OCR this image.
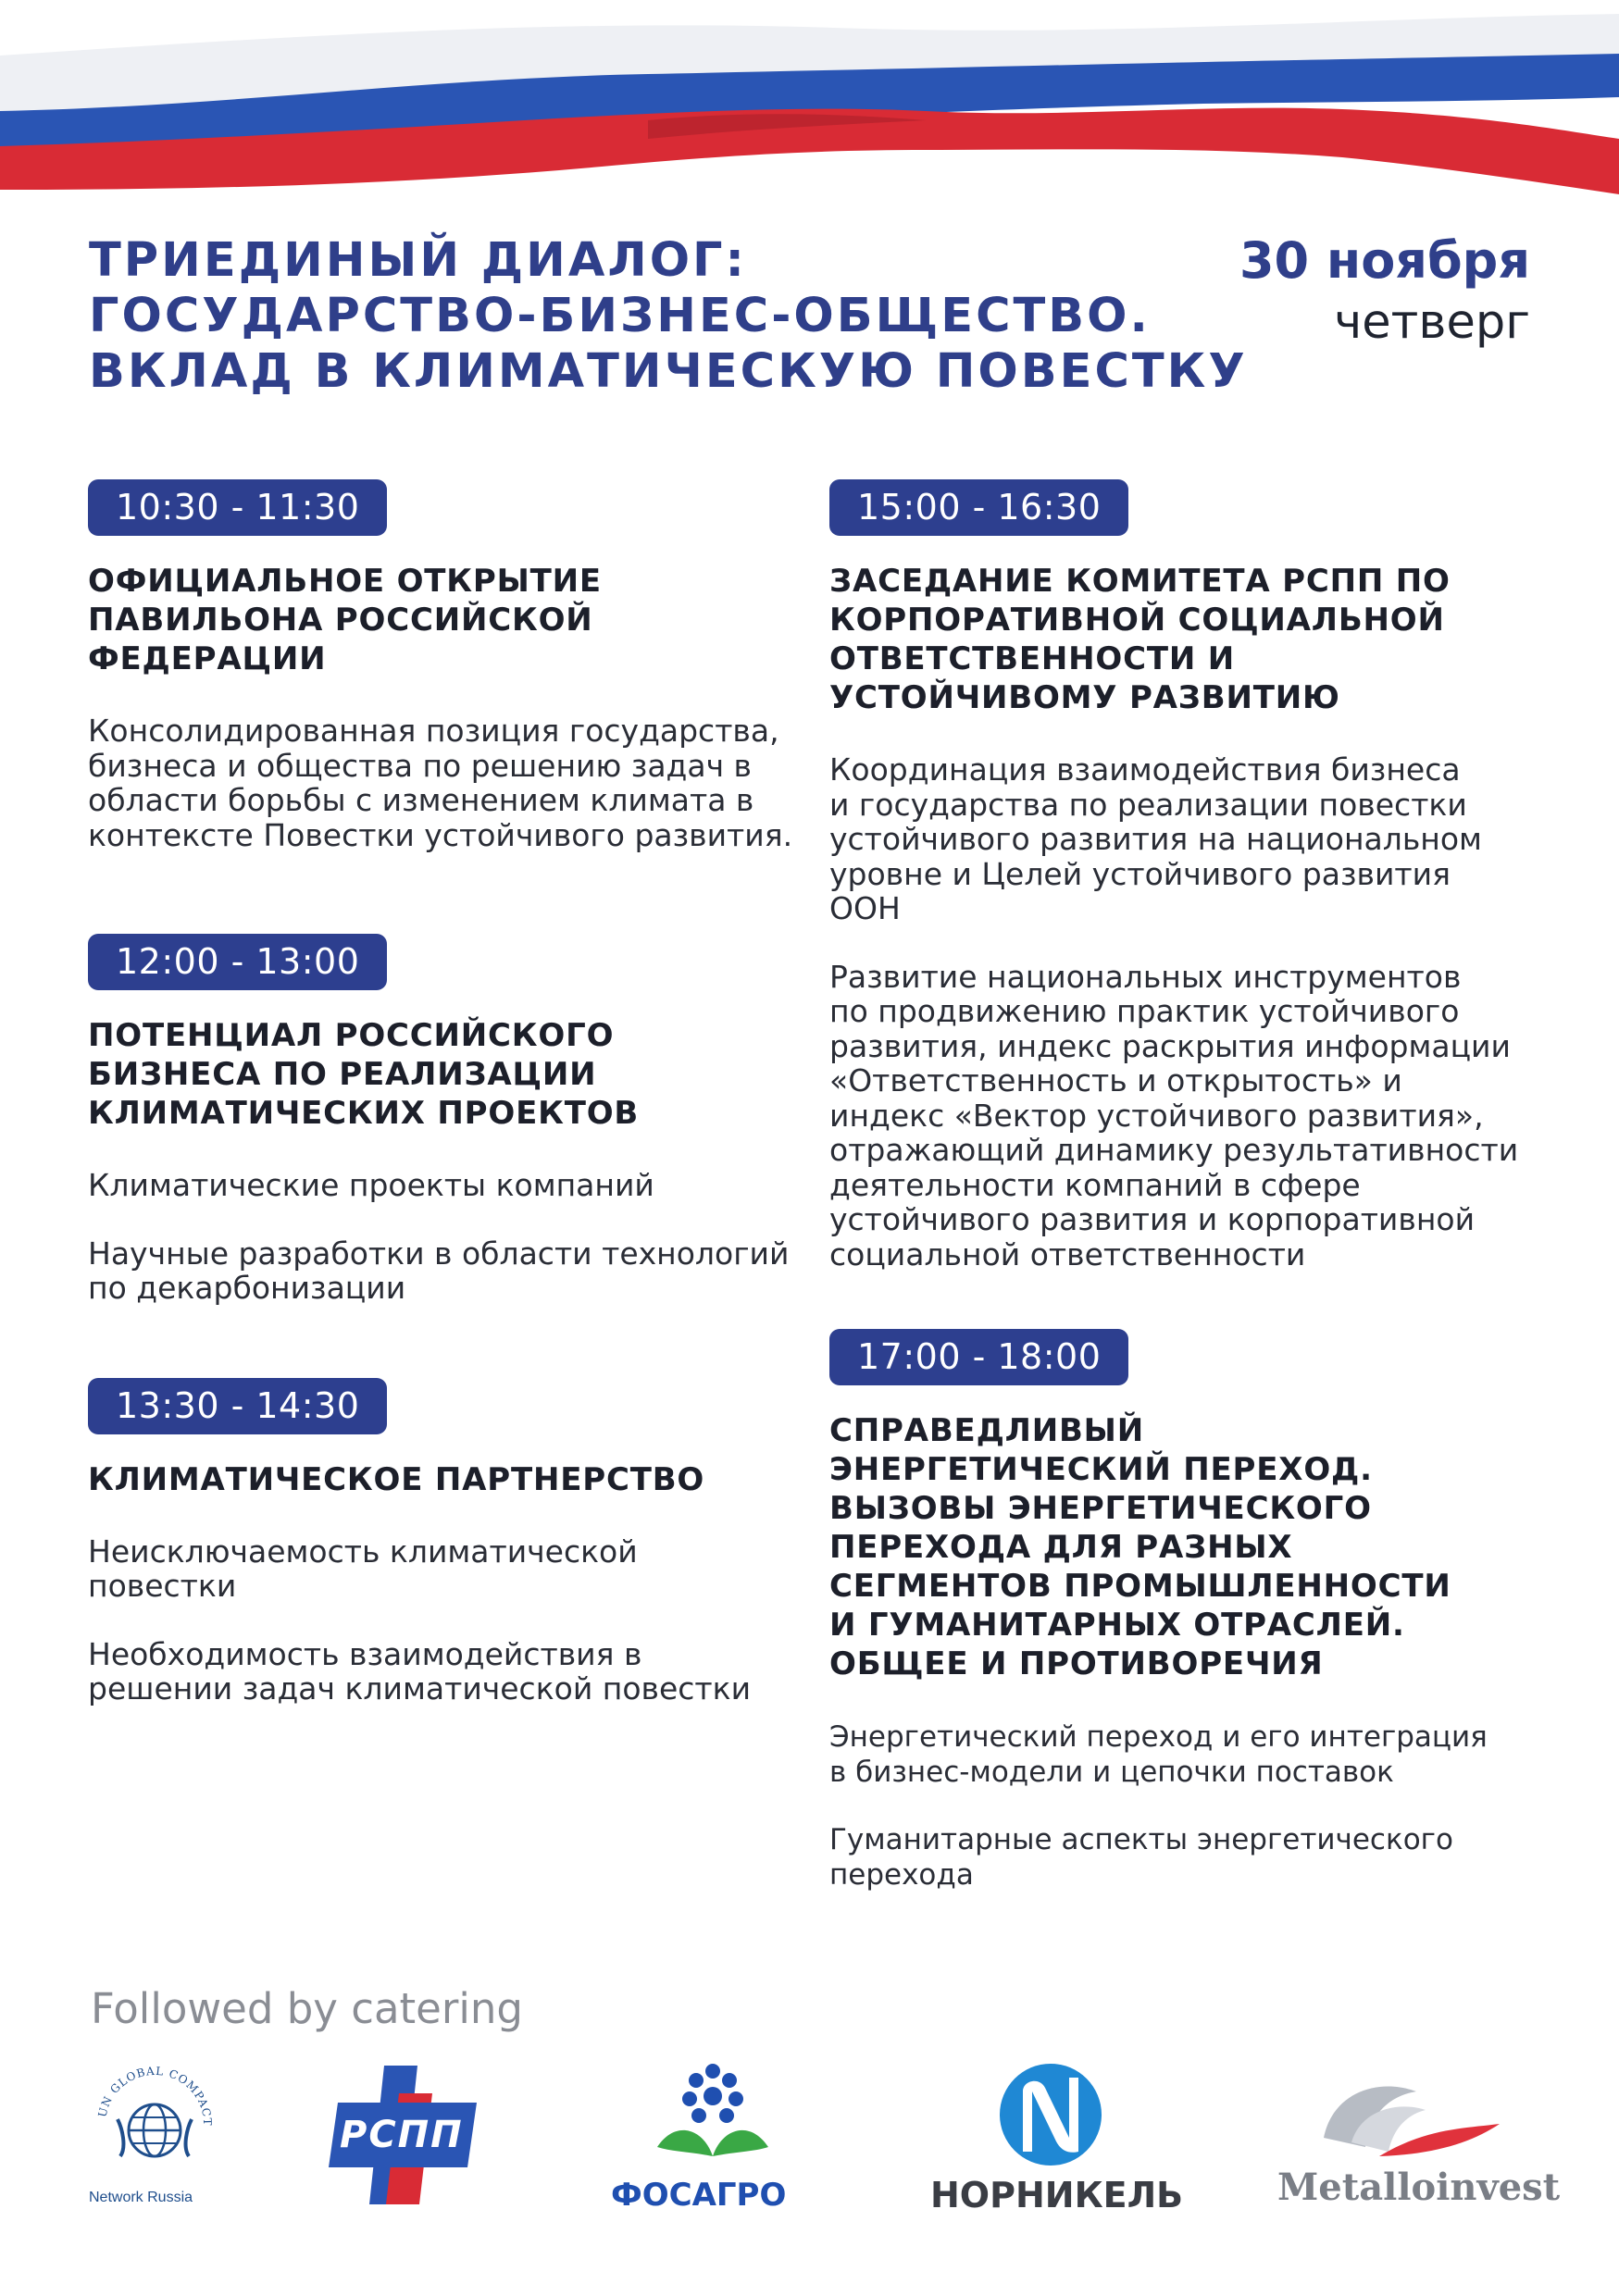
ТРИЕДИНЫЙ ДИАЛОГ:
ГОСУДАРСТВО-БИЗНЕС-ОБЩЕСТВО.
ВКЛАД В КЛИМАТИЧЕСКУЮ ПОВЕСТКУ
30 ноября
четверг
10:30 - 11:30
ОФИЦИАЛЬНОЕ ОТКРЫТИЕ
ПАВИЛЬОНА РОССИЙСКОЙ
ФЕДЕРАЦИИ
Консолидированная позиция государства,
бизнеса и общества по решению задач в
области борьбы с изменением климата в
контексте Повестки устойчивого развития.
12:00 - 13:00
ПОТЕНЦИАЛ РОССИЙСКОГО
БИЗНЕСА ПО РЕАЛИЗАЦИИ
КЛИМАТИЧЕСКИХ ПРОЕКТОВ
Климатические проекты компаний
Научные разработки в области технологий
по декарбонизации
13:30 - 14:30
КЛИМАТИЧЕСКОЕ ПАРТНЕРСТВО
Неисключаемость климатической
повестки
Необходимость взаимодействия в
решении задач климатической повестки
15:00 - 16:30
ЗАСЕДАНИЕ КОМИТЕТА РСПП ПО
КОРПОРАТИВНОЙ СОЦИАЛЬНОЙ
ОТВЕТСТВЕННОСТИ И
УСТОЙЧИВОМУ РАЗВИТИЮ
Координация взаимодействия бизнеса
и государства по реализации повестки
устойчивого развития на национальном
уровне и Целей устойчивого развития
ООН
Развитие национальных инструментов
по продвижению практик устойчивого
развития, индекс раскрытия информации
«Ответственность и открытость» и
индекс «Вектор устойчивого развития»,
отражающий динамику результативности
деятельности компаний в сфере
устойчивого развития и корпоративной
социальной ответственности
17:00 - 18:00
СПРАВЕДЛИВЫЙ
ЭНЕРГЕТИЧЕСКИЙ ПЕРЕХОД.
ВЫЗОВЫ ЭНЕРГЕТИЧЕСКОГО
ПЕРЕХОДА ДЛЯ РАЗНЫХ
СЕГМЕНТОВ ПРОМЫШЛЕННОСТИ
И ГУМАНИТАРНЫХ ОТРАСЛЕЙ.
ОБЩЕЕ И ПРОТИВОРЕЧИЯ
Энергетический переход и его интеграция
в бизнес-модели и цепочки поставок
Гуманитарные аспекты энергетического
перехода
Followed by catering
UN GLOBAL COMPACT
Network Russia
РСПП
ФОСАГРО	НОРНИКЕЛЬ	Metalloinvest
